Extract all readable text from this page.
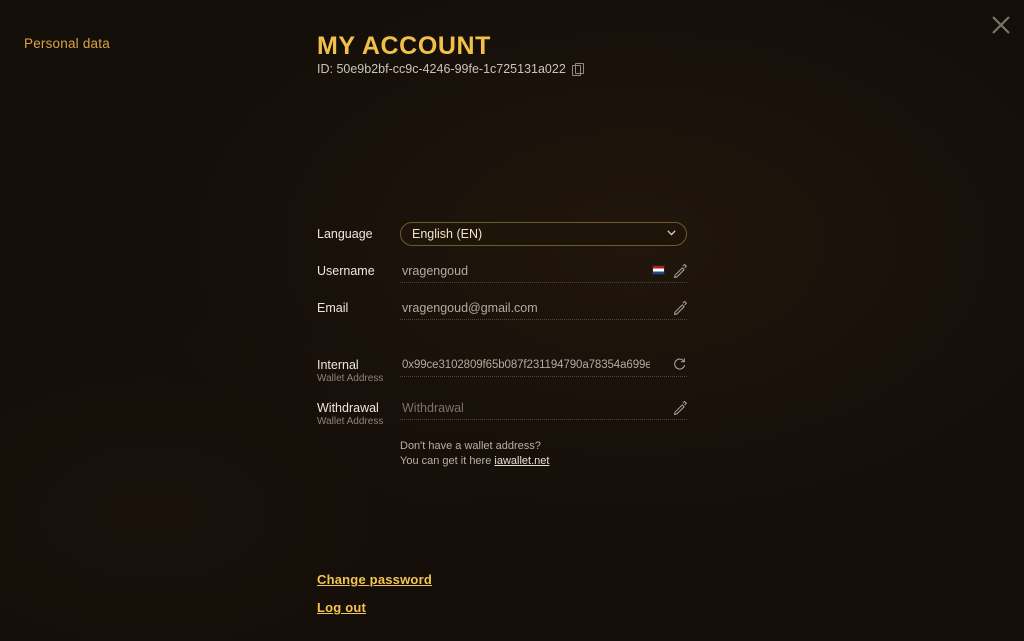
Personal data	MY ACCOUNT
ID: 50e9b2bf-cc9c-4246-99fe-1c725131a022
Language
English (EN)
Username
vragengoud
Email
vragengoud@gmail.com
Internal
Wallet Address
0x99ce3102809f65b087f231194790a78354a699e7
Withdrawal
Wallet Address
Withdrawal
Don't have a wallet address?
You can get it here iawallet.net
Change password
Log out
